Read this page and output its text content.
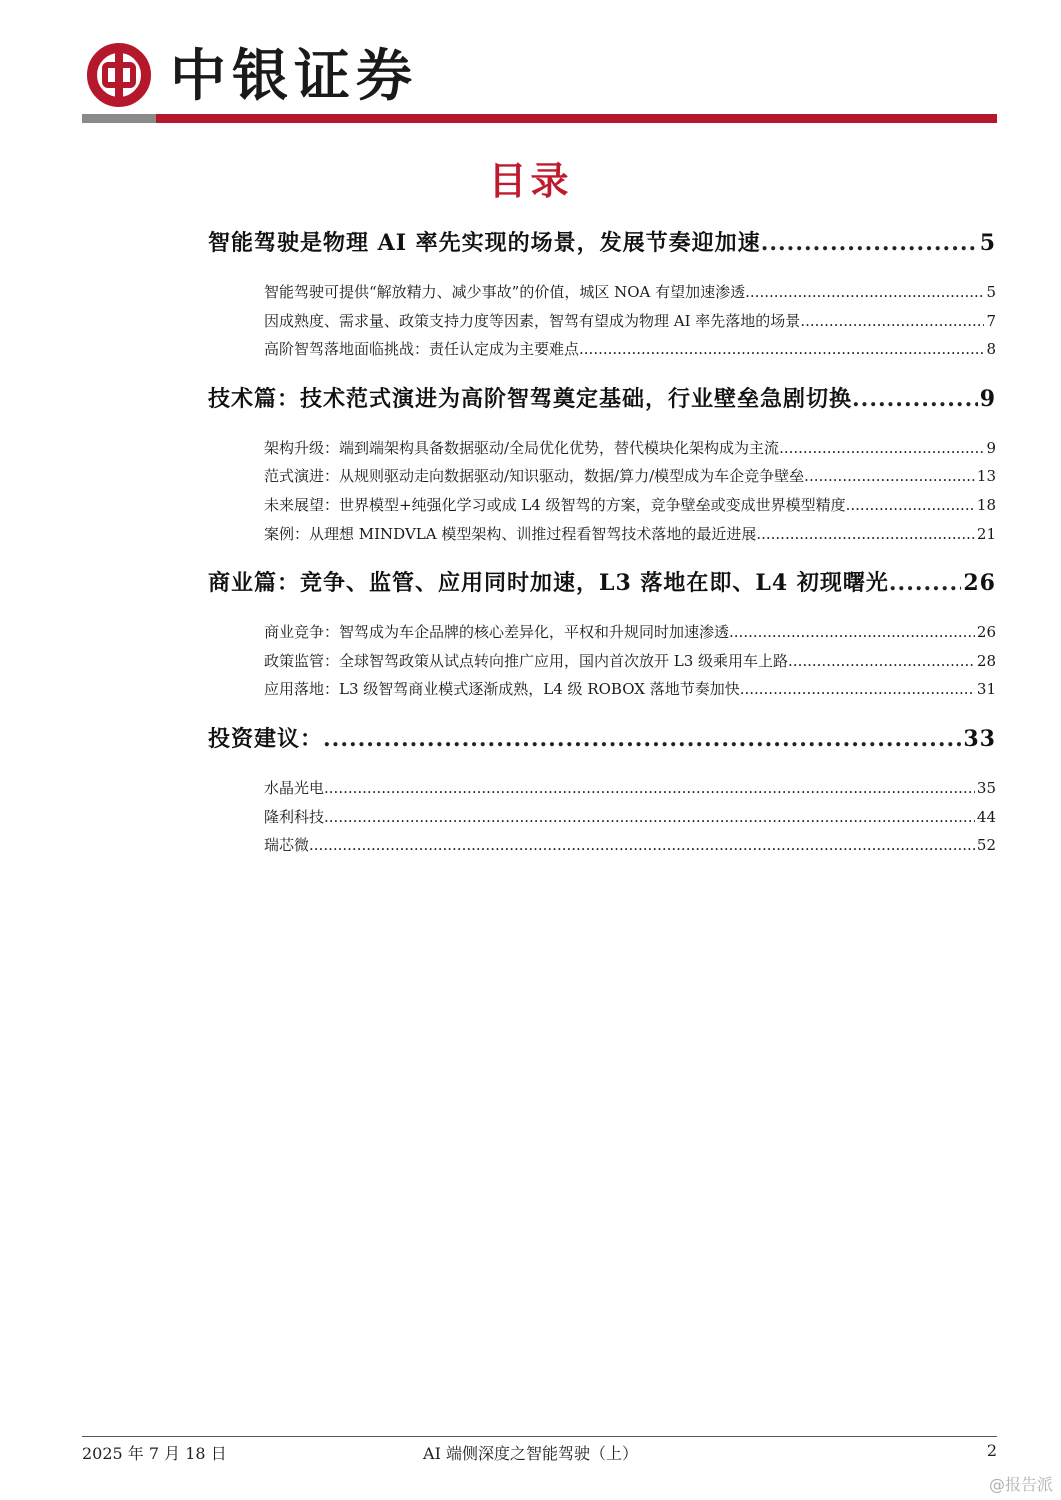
中银证券
目录
智能驾驶是物理 AI 率先实现的场景，发展节奏迎加速 .....	5
智能驾驶可提供“解放精力、减少事故”的价值，城区 NOA 有望加速渗透 .....	5
因成熟度、需求量、政策支持力度等因素，智驾有望成为物理 AI 率先落地的场景 .....	7
高阶智驾落地面临挑战：责任认定成为主要难点 .....	8
技术篇：技术范式演进为高阶智驾奠定基础，行业壁垒急剧切换 .....	9
架构升级：端到端架构具备数据驱动/全局优化优势，替代模块化架构成为主流 .....	9
范式演进：从规则驱动走向数据驱动/知识驱动，数据/算力/模型成为车企竞争壁垒 .....	13
未来展望：世界模型+纯强化学习或成 L4 级智驾的方案，竞争壁垒或变成世界模型精度 .....	18
案例：从理想 MINDVLA 模型架构、训推过程看智驾技术落地的最近进展 .....	21
商业篇：竞争、监管、应用同时加速，L3 落地在即、L4 初现曙光 .....	26
商业竞争：智驾成为车企品牌的核心差异化，平权和升规同时加速渗透 .....	26
政策监管：全球智驾政策从试点转向推广应用，国内首次放开 L3 级乘用车上路 .....	28
应用落地：L3 级智驾商业模式逐渐成熟，L4 级 ROBOX 落地节奏加快 .....	31
投资建议： .....	33
水晶光电 .....	35
隆利科技 .....	44
瑞芯微 .....	52
2025 年 7 月 18 日	AI 端侧深度之智能驾驶（上）	2
@报告派
